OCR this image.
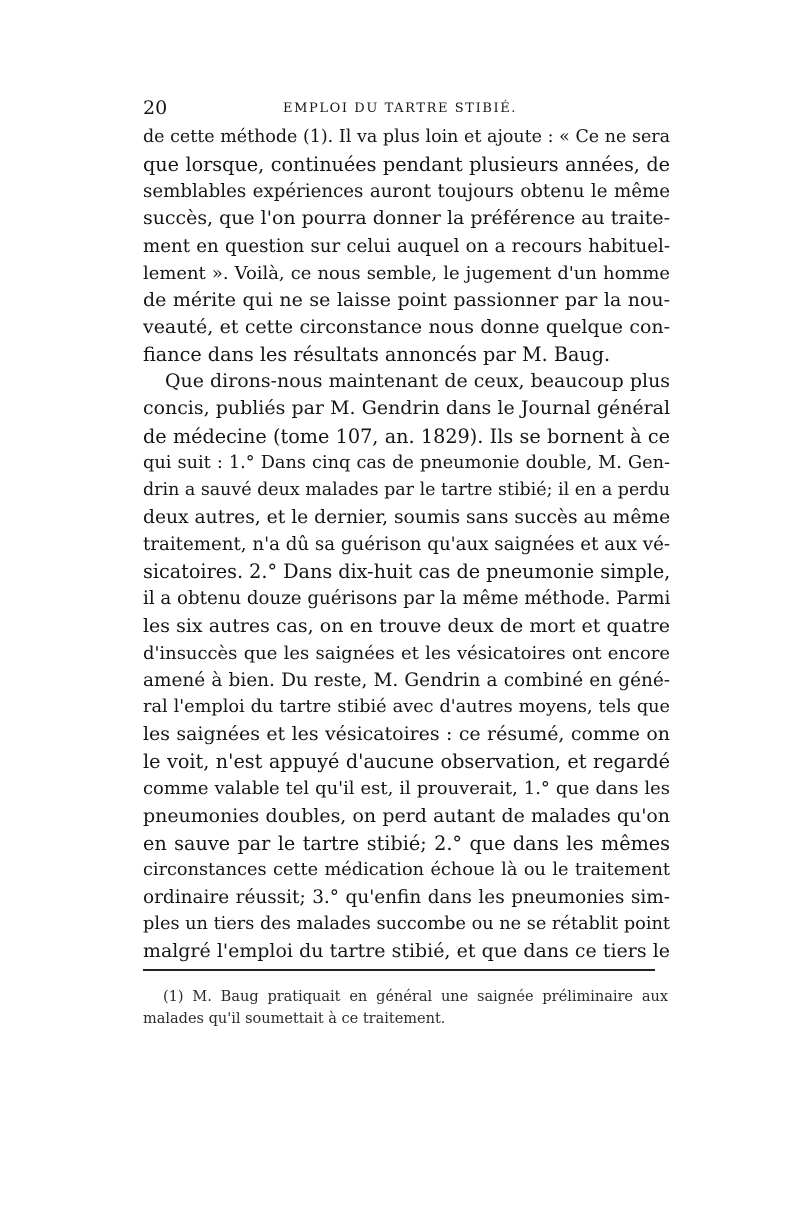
20	EMPLOI DU TARTRE STIBIÉ.
de cette méthode (1). Il va plus loin et ajoute : « Ce ne sera
que lorsque, continuées pendant plusieurs années, de
semblables expériences auront toujours obtenu le même
succès, que l'on pourra donner la préférence au traite-
ment en question sur celui auquel on a recours habituel-
lement ». Voilà, ce nous semble, le jugement d'un homme
de mérite qui ne se laisse point passionner par la nou-
veauté, et cette circonstance nous donne quelque con-
fiance dans les résultats annoncés par M. Baug.
Que dirons-nous maintenant de ceux, beaucoup plus
concis, publiés par M. Gendrin dans le Journal général
de médecine (tome 107, an. 1829). Ils se bornent à ce
qui suit : 1.° Dans cinq cas de pneumonie double, M. Gen-
drin a sauvé deux malades par le tartre stibié; il en a perdu
deux autres, et le dernier, soumis sans succès au même
traitement, n'a dû sa guérison qu'aux saignées et aux vé-
sicatoires. 2.° Dans dix-huit cas de pneumonie simple,
il a obtenu douze guérisons par la même méthode. Parmi
les six autres cas, on en trouve deux de mort et quatre
d'insuccès que les saignées et les vésicatoires ont encore
amené à bien. Du reste, M. Gendrin a combiné en géné-
ral l'emploi du tartre stibié avec d'autres moyens, tels que
les saignées et les vésicatoires : ce résumé, comme on
le voit, n'est appuyé d'aucune observation, et regardé
comme valable tel qu'il est, il prouverait, 1.° que dans les
pneumonies doubles, on perd autant de malades qu'on
en sauve par le tartre stibié; 2.° que dans les mêmes
circonstances cette médication échoue là ou le traitement
ordinaire réussit; 3.° qu'enfin dans les pneumonies sim-
ples un tiers des malades succombe ou ne se rétablit point
malgré l'emploi du tartre stibié, et que dans ce tiers le
(1) M. Baug pratiquait en général une saignée préliminaire aux
malades qu'il soumettait à ce traitement.
